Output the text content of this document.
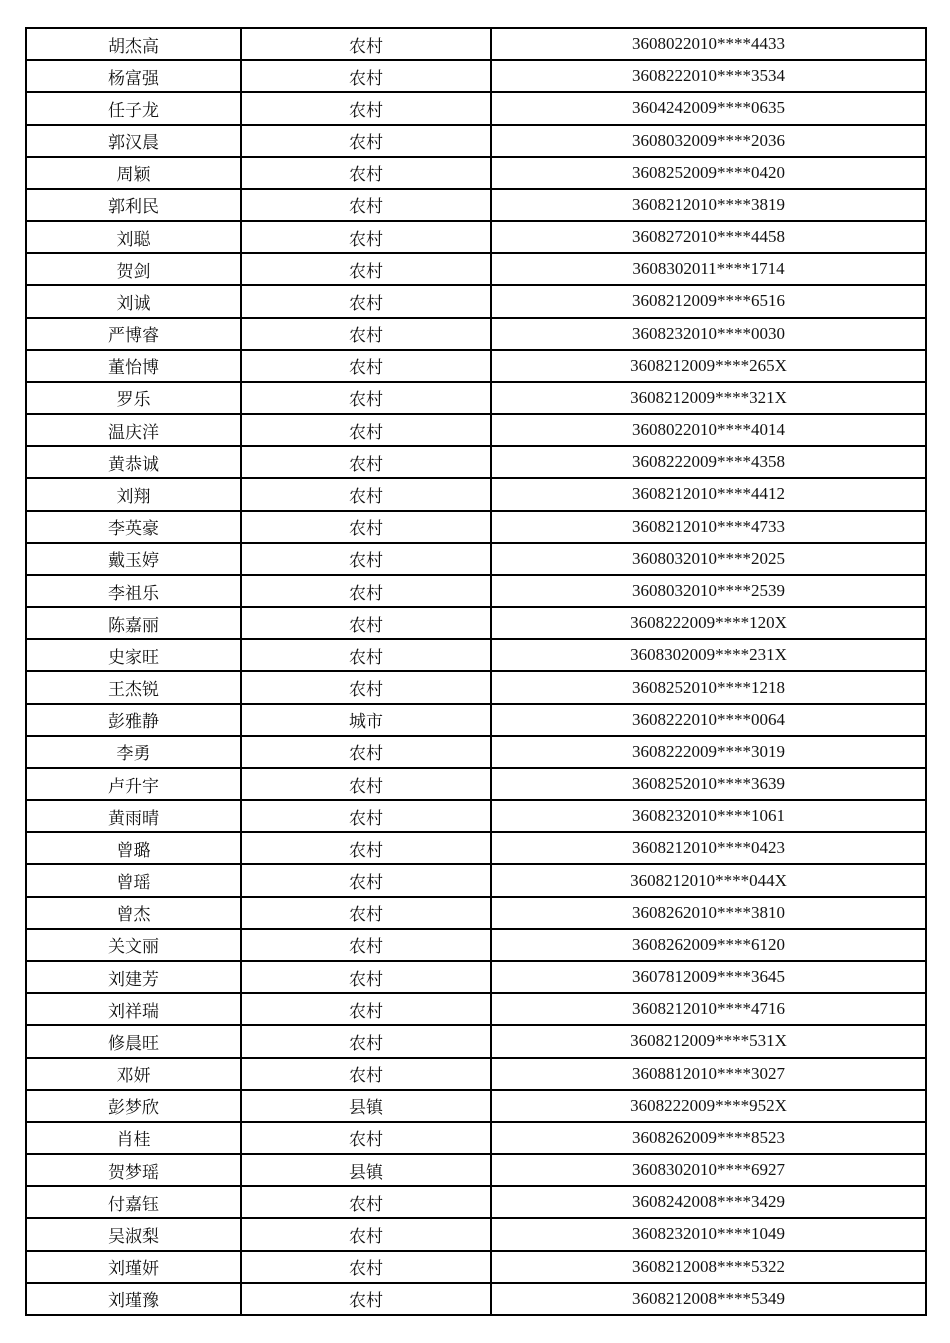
胡杰高	农村	3608022010****4433
杨富强	农村	3608222010****3534
任子龙	农村	3604242009****0635
郭汉晨	农村	3608032009****2036
周颖	农村	3608252009****0420
郭利民	农村	3608212010****3819
刘聪	农村	3608272010****4458
贺剑	农村	3608302011****1714
刘诚	农村	3608212009****6516
严博睿	农村	3608232010****0030
董怡博	农村	3608212009****265X
罗乐	农村	3608212009****321X
温庆洋	农村	3608022010****4014
黄恭诚	农村	3608222009****4358
刘翔	农村	3608212010****4412
李英豪	农村	3608212010****4733
戴玉婷	农村	3608032010****2025
李祖乐	农村	3608032010****2539
陈嘉丽	农村	3608222009****120X
史家旺	农村	3608302009****231X
王杰锐	农村	3608252010****1218
彭雅静	城市	3608222010****0064
李勇	农村	3608222009****3019
卢升宇	农村	3608252010****3639
黄雨晴	农村	3608232010****1061
曾璐	农村	3608212010****0423
曾瑶	农村	3608212010****044X
曾杰	农村	3608262010****3810
关文丽	农村	3608262009****6120
刘建芳	农村	3607812009****3645
刘祥瑞	农村	3608212010****4716
修晨旺	农村	3608212009****531X
邓妍	农村	3608812010****3027
彭梦欣	县镇	3608222009****952X
肖桂	农村	3608262009****8523
贺梦瑶	县镇	3608302010****6927
付嘉钰	农村	3608242008****3429
吴淑梨	农村	3608232010****1049
刘瑾妍	农村	3608212008****5322
刘瑾豫	农村	3608212008****5349
